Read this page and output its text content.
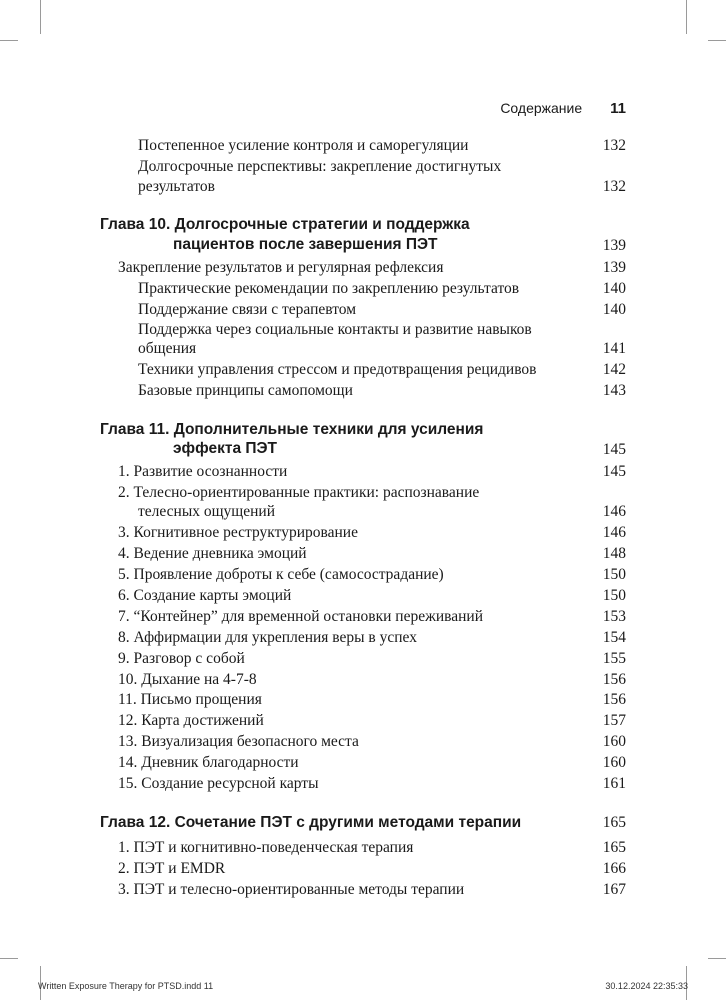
Содержание 11
Постепенное усиление контроля и саморегуляции	132
Долгосрочные перспективы: закрепление достигнутых
результатов	132
Глава 10. Долгосрочные стратегии и поддержка
пациентов после завершения ПЭТ	139
Закрепление результатов и регулярная рефлексия	139
Практические рекомендации по закреплению результатов	140
Поддержание связи с терапевтом	140
Поддержка через социальные контакты и развитие навыков
общения	141
Техники управления стрессом и предотвращения рецидивов	142
Базовые принципы самопомощи	143
Глава 11. Дополнительные техники для усиления
эффекта ПЭТ	145
1. Развитие осознанности	145
2. Телесно-ориентированные практики: распознавание
телесных ощущений	146
3. Когнитивное реструктурирование	146
4. Ведение дневника эмоций	148
5. Проявление доброты к себе (самосострадание)	150
6. Создание карты эмоций	150
7. “Контейнер” для временной остановки переживаний	153
8. Аффирмации для укрепления веры в успех	154
9. Разговор с собой	155
10. Дыхание на 4-7-8	156
11. Письмо прощения	156
12. Карта достижений	157
13. Визуализация безопасного места	160
14. Дневник благодарности	160
15. Создание ресурсной карты	161
Глава 12. Сочетание ПЭТ с другими методами терапии	165
1. ПЭТ и когнитивно-поведенческая терапия	165
2. ПЭТ и EMDR	166
3. ПЭТ и телесно-ориентированные методы терапии	167
Written Exposure Therapy for PTSD.indd 11	30.12.2024 22:35:33
